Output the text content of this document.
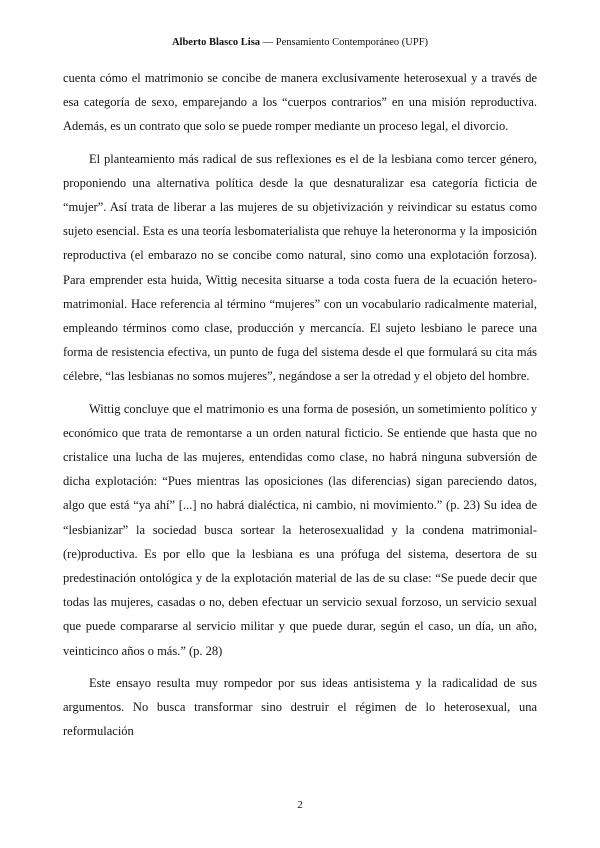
Alberto Blasco Lisa — Pensamiento Contemporáneo (UPF)

cuenta cómo el matrimonio se concibe de manera exclusivamente heterosexual y a través de esa categoría de sexo, emparejando a los “cuerpos contrarios” en una misión reproductiva. Además, es un contrato que solo se puede romper mediante un proceso legal, el divorcio.

El planteamiento más radical de sus reflexiones es el de la lesbiana como tercer género, proponiendo una alternativa política desde la que desnaturalizar esa categoría ficticia de “mujer”. Así trata de liberar a las mujeres de su objetivización y reivindicar su estatus como sujeto esencial. Esta es una teoría lesbomaterialista que rehuye la heteronorma y la imposición reproductiva (el embarazo no se concibe como natural, sino como una explotación forzosa). Para emprender esta huida, Wittig necesita situarse a toda costa fuera de la ecuación hetero-matrimonial. Hace referencia al término “mujeres” con un vocabulario radicalmente material, empleando términos como clase, producción y mercancía. El sujeto lesbiano le parece una forma de resistencia efectiva, un punto de fuga del sistema desde el que formulará su cita más célebre, “las lesbianas no somos mujeres”, negándose a ser la otredad y el objeto del hombre.

Wittig concluye que el matrimonio es una forma de posesión, un sometimiento político y económico que trata de remontarse a un orden natural ficticio. Se entiende que hasta que no cristalice una lucha de las mujeres, entendidas como clase, no habrá ninguna subversión de dicha explotación: “Pues mientras las oposiciones (las diferencias) sigan pareciendo datos, algo que está “ya ahí” [...] no habrá dialéctica, ni cambio, ni movimiento.” (p. 23) Su idea de “lesbianizar” la sociedad busca sortear la heterosexualidad y la condena matrimonial-(re)productiva. Es por ello que la lesbiana es una prófuga del sistema, desertora de su predestinación ontológica y de la explotación material de las de su clase: “Se puede decir que todas las mujeres, casadas o no, deben efectuar un servicio sexual forzoso, un servicio sexual que puede compararse al servicio militar y que puede durar, según el caso, un día, un año, veinticinco años o más.” (p. 28)

Este ensayo resulta muy rompedor por sus ideas antisistema y la radicalidad de sus argumentos. No busca transformar sino destruir el régimen de lo heterosexual, una reformulación

2
